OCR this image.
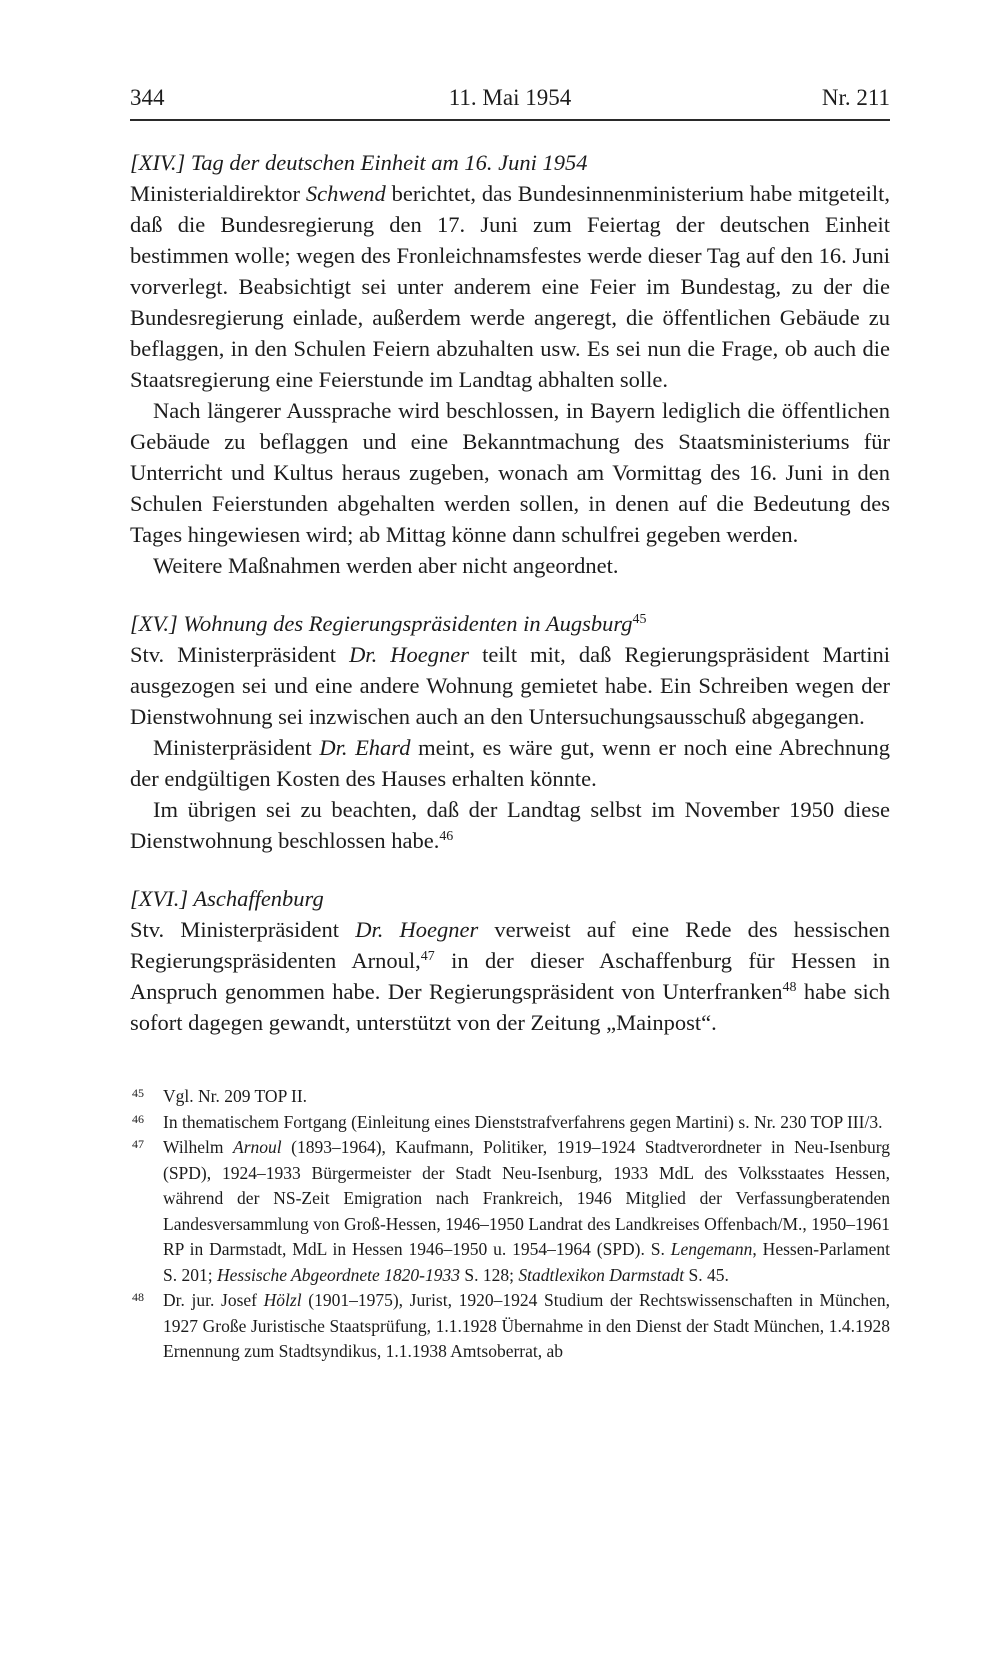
344	11. Mai 1954	Nr. 211
[XIV.] Tag der deutschen Einheit am 16. Juni 1954

Ministerialdirektor Schwend berichtet, das Bundesinnenministerium habe mitgeteilt, daß die Bundesregierung den 17. Juni zum Feiertag der deutschen Einheit bestimmen wolle; wegen des Fronleichnamsfestes werde dieser Tag auf den 16. Juni vorverlegt. Beabsichtigt sei unter anderem eine Feier im Bundestag, zu der die Bundesregierung einlade, außerdem werde angeregt, die öffentlichen Gebäude zu beflaggen, in den Schulen Feiern abzuhalten usw. Es sei nun die Frage, ob auch die Staatsregierung eine Feierstunde im Landtag abhalten solle.

Nach längerer Aussprache wird beschlossen, in Bayern lediglich die öffentlichen Gebäude zu beflaggen und eine Bekanntmachung des Staatsministeriums für Unterricht und Kultus heraus zugeben, wonach am Vormittag des 16. Juni in den Schulen Feierstunden abgehalten werden sollen, in denen auf die Bedeutung des Tages hingewiesen wird; ab Mittag könne dann schulfrei gegeben werden.

Weitere Maßnahmen werden aber nicht angeordnet.

[XV.] Wohnung des Regierungspräsidenten in Augsburg$^{45}$

Stv. Ministerpräsident Dr. Hoegner teilt mit, daß Regierungspräsident Martini ausgezogen sei und eine andere Wohnung gemietet habe. Ein Schreiben wegen der Dienstwohnung sei inzwischen auch an den Untersuchungsausschuß abgegangen.

Ministerpräsident Dr. Ehard meint, es wäre gut, wenn er noch eine Abrechnung der endgültigen Kosten des Hauses erhalten könnte.

Im übrigen sei zu beachten, daß der Landtag selbst im November 1950 diese Dienstwohnung beschlossen habe.$^{46}$

[XVI.] Aschaffenburg

Stv. Ministerpräsident Dr. Hoegner verweist auf eine Rede des hessischen Regierungspräsidenten Arnoul,$^{47}$ in der dieser Aschaffenburg für Hessen in Anspruch genommen habe. Der Regierungspräsident von Unterfranken$^{48}$ habe sich sofort dagegen gewandt, unterstützt von der Zeitung „Mainpost“.

45 Vgl. Nr. 209 TOP II.
46 In thematischem Fortgang (Einleitung eines Dienststrafverfahrens gegen Martini) s. Nr. 230 TOP III/3.
47 Wilhelm Arnoul (1893–1964), Kaufmann, Politiker, 1919–1924 Stadtverordneter in Neu-Isenburg (SPD), 1924–1933 Bürgermeister der Stadt Neu-Isenburg, 1933 MdL des Volksstaates Hessen, während der NS-Zeit Emigration nach Frankreich, 1946 Mitglied der Verfassungberatenden Landesversammlung von Groß-Hessen, 1946–1950 Landrat des Landkreises Offenbach/M., 1950–1961 RP in Darmstadt, MdL in Hessen 1946–1950 u. 1954–1964 (SPD). S. Lengemann, Hessen-Parlament S. 201; Hessische Abgeordnete 1820-1933 S. 128; Stadtlexikon Darmstadt S. 45.
48 Dr. jur. Josef Hölzl (1901–1975), Jurist, 1920–1924 Studium der Rechtswissenschaften in München, 1927 Große Juristische Staatsprüfung, 1.1.1928 Übernahme in den Dienst der Stadt München, 1.4.1928 Ernennung zum Stadtsyndikus, 1.1.1938 Amtsoberrat, ab
